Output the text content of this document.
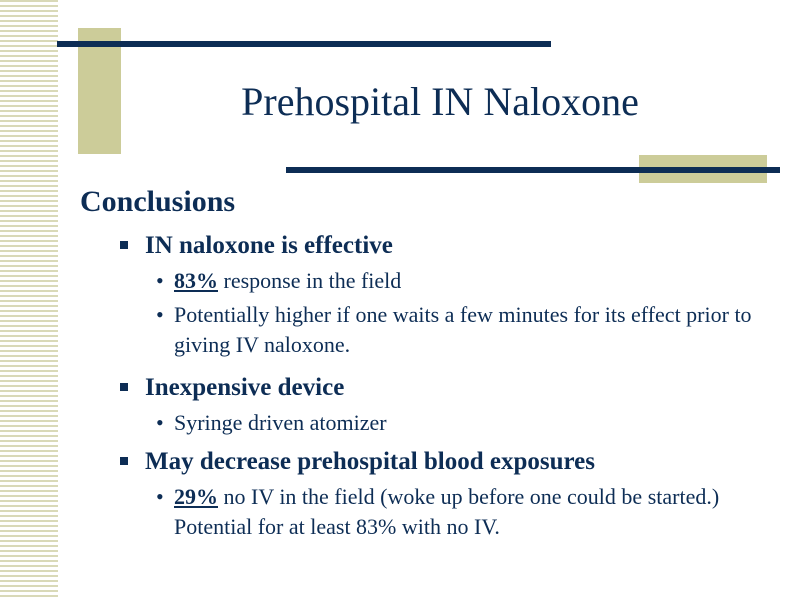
Prehospital IN Naloxone
Conclusions
IN naloxone is effective
• 83% response in the field
• Potentially higher if one waits a few minutes for its effect prior to giving IV naloxone.
Inexpensive device
• Syringe driven atomizer
May decrease prehospital blood exposures
• 29% no IV in the field (woke up before one could be started.) Potential for at least 83% with no IV.
